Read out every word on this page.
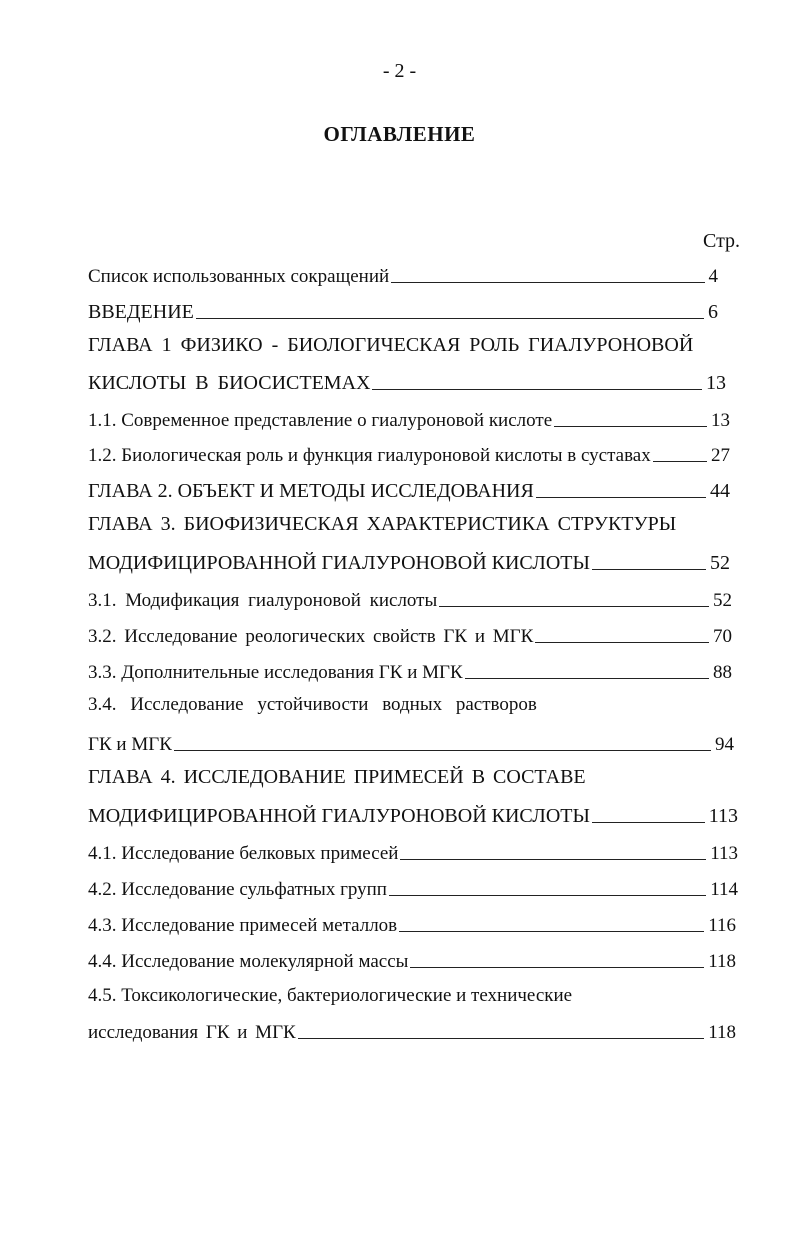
- 2 -
ОГЛАВЛЕНИЕ
Стр.
Список использованных сокращений	4
ВВЕДЕНИЕ	6
ГЛАВА 1 ФИЗИКО - БИОЛОГИЧЕСКАЯ РОЛЬ ГИАЛУРОНОВОЙ
КИСЛОТЫ В БИОСИСТЕМАХ	13
1.1. Современное представление о гиалуроновой кислоте	13
1.2. Биологическая роль и функция гиалуроновой кислоты в суставах	27
ГЛАВА 2. ОБЪЕКТ И МЕТОДЫ ИССЛЕДОВАНИЯ	44
ГЛАВА 3. БИОФИЗИЧЕСКАЯ ХАРАКТЕРИСТИКА СТРУКТУРЫ
МОДИФИЦИРОВАННОЙ ГИАЛУРОНОВОЙ КИСЛОТЫ	52
3.1. Модификация гиалуроновой кислоты	52
3.2. Исследование реологических свойств ГК и МГК	70
3.3. Дополнительные исследования ГК и МГК	88
3.4. Исследование устойчивости водных растворов
ГК и МГК	94
ГЛАВА 4. ИССЛЕДОВАНИЕ ПРИМЕСЕЙ В СОСТАВЕ
МОДИФИЦИРОВАННОЙ ГИАЛУРОНОВОЙ КИСЛОТЫ	113
4.1. Исследование белковых примесей	113
4.2. Исследование сульфатных групп	114
4.3. Исследование примесей металлов	116
4.4. Исследование молекулярной массы	118
4.5. Токсикологические, бактериологические и технические
исследования ГК и МГК	118
